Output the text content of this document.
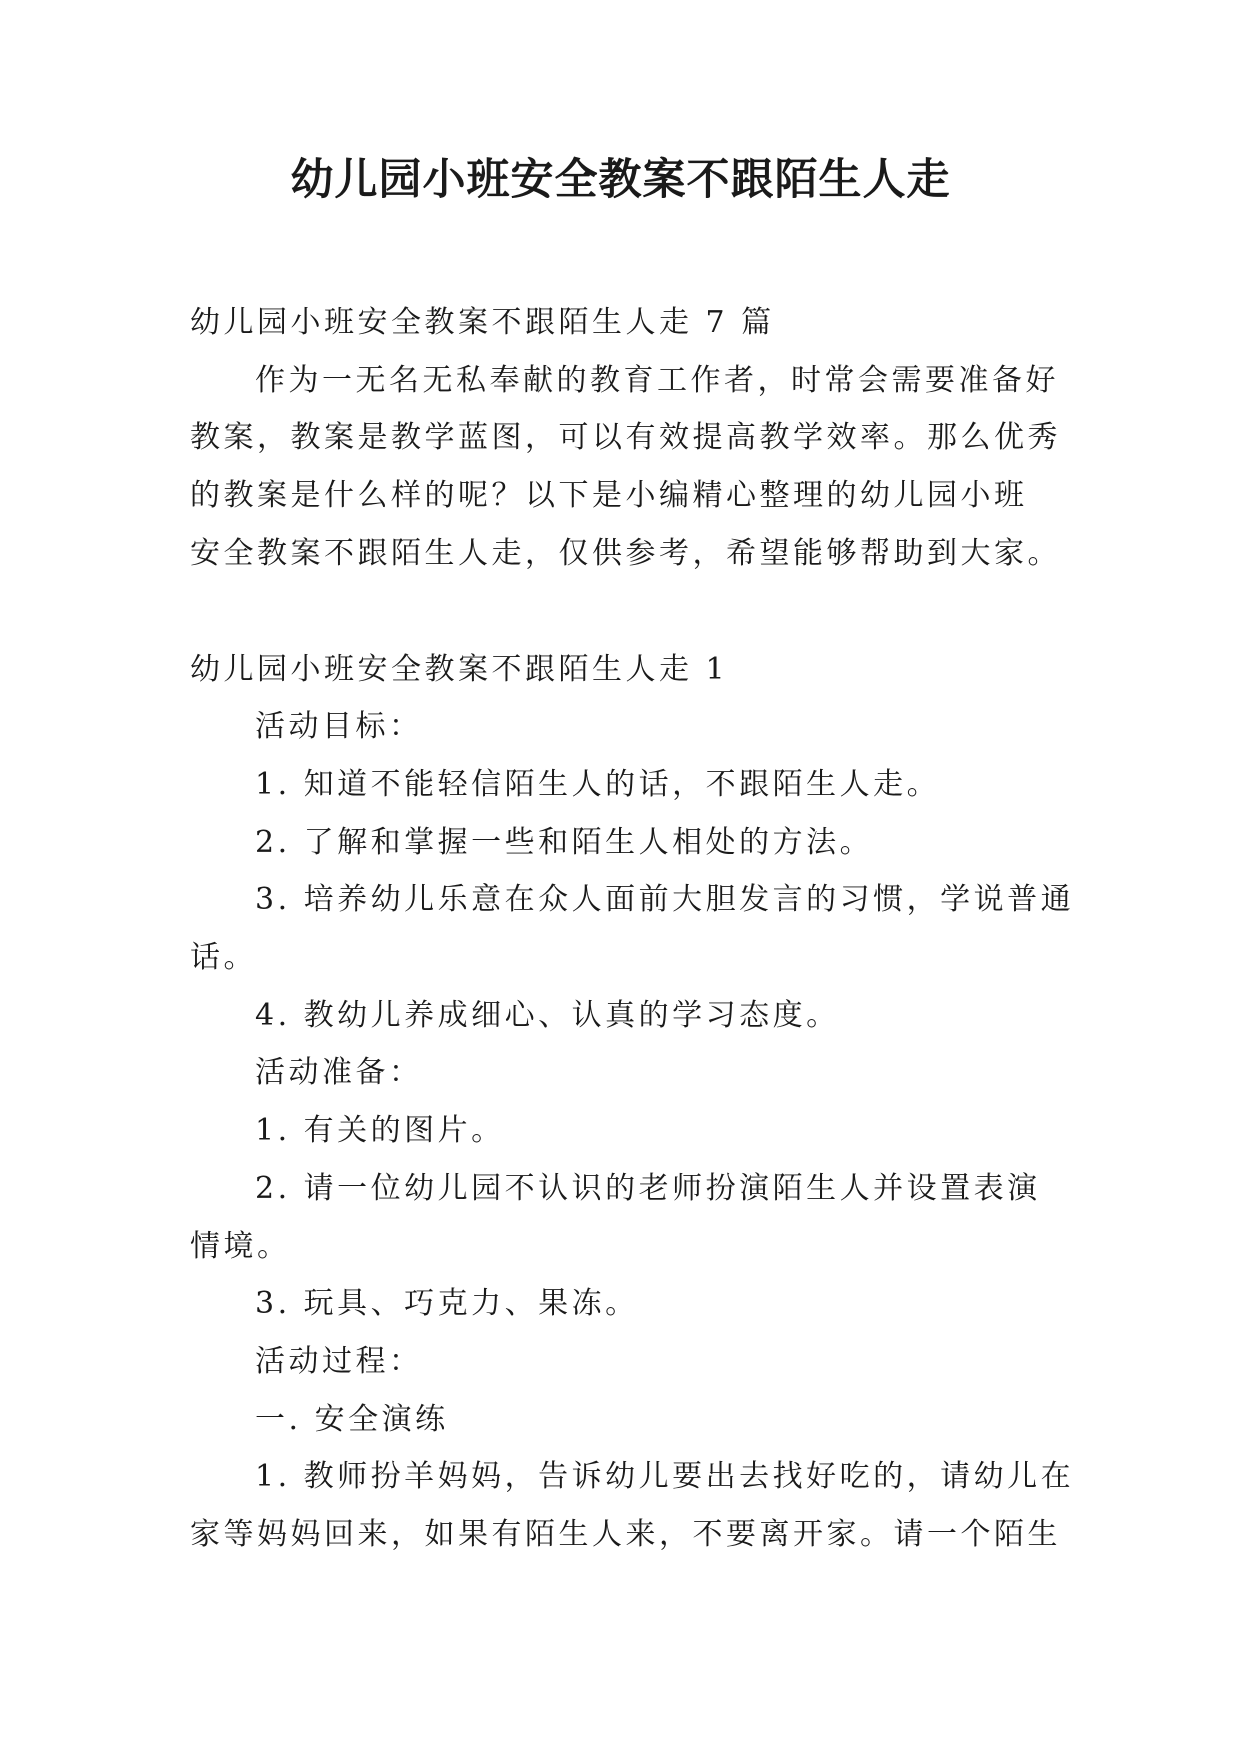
幼儿园小班安全教案不跟陌生人走

幼儿园小班安全教案不跟陌生人走 7 篇

作为一无名无私奉献的教育工作者，时常会需要准备好

教案，教案是教学蓝图，可以有效提高教学效率。那么优秀

的教案是什么样的呢？以下是小编精心整理的幼儿园小班

安全教案不跟陌生人走，仅供参考，希望能够帮助到大家。

幼儿园小班安全教案不跟陌生人走 1

活动目标：

1. 知道不能轻信陌生人的话，不跟陌生人走。

2. 了解和掌握一些和陌生人相处的方法。

3. 培养幼儿乐意在众人面前大胆发言的习惯，学说普通

话。

4. 教幼儿养成细心、认真的学习态度。

活动准备：

1. 有关的图片。

2. 请一位幼儿园不认识的老师扮演陌生人并设置表演

情境。

3. 玩具、巧克力、果冻。

活动过程：

一. 安全演练

1. 教师扮羊妈妈，告诉幼儿要出去找好吃的，请幼儿在

家等妈妈回来，如果有陌生人来，不要离开家。请一个陌生
